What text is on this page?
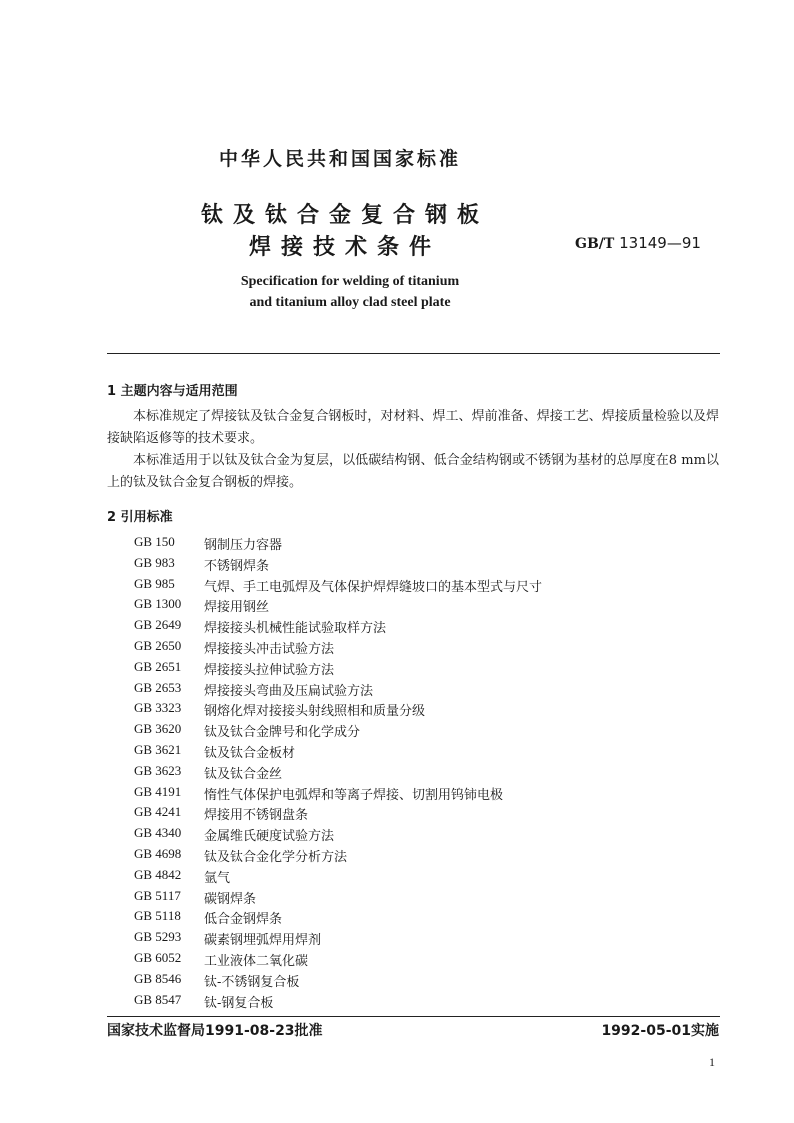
中华人民共和国国家标准
钛及钛合金复合钢板
焊接技术条件	GB/T 13149—91
Specification for welding of titanium
and titanium alloy clad steel plate
1 主题内容与适用范围

本标准规定了焊接钛及钛合金复合钢板时，对材料、焊工、焊前准备、焊接工艺、焊接质量检验以及焊接缺陷返修等的技术要求。

本标准适用于以钛及钛合金为复层，以低碳结构钢、低合金结构钢或不锈钢为基材的总厚度在8 mm以上的钛及钛合金复合钢板的焊接。

2 引用标准
GB 150	钢制压力容器
GB 983	不锈钢焊条
GB 985	气焊、手工电弧焊及气体保护焊焊缝坡口的基本型式与尺寸
GB 1300	焊接用钢丝
GB 2649	焊接接头机械性能试验取样方法
GB 2650	焊接接头冲击试验方法
GB 2651	焊接接头拉伸试验方法
GB 2653	焊接接头弯曲及压扁试验方法
GB 3323	钢熔化焊对接接头射线照相和质量分级
GB 3620	钛及钛合金牌号和化学成分
GB 3621	钛及钛合金板材
GB 3623	钛及钛合金丝
GB 4191	惰性气体保护电弧焊和等离子焊接、切割用钨铈电极
GB 4241	焊接用不锈钢盘条
GB 4340	金属维氏硬度试验方法
GB 4698	钛及钛合金化学分析方法
GB 4842	氩气
GB 5117	碳钢焊条
GB 5118	低合金钢焊条
GB 5293	碳素钢埋弧焊用焊剂
GB 6052	工业液体二氧化碳
GB 8546	钛-不锈钢复合板
GB 8547	钛-钢复合板
国家技术监督局1991-08-23批准	1992-05-01实施
1
